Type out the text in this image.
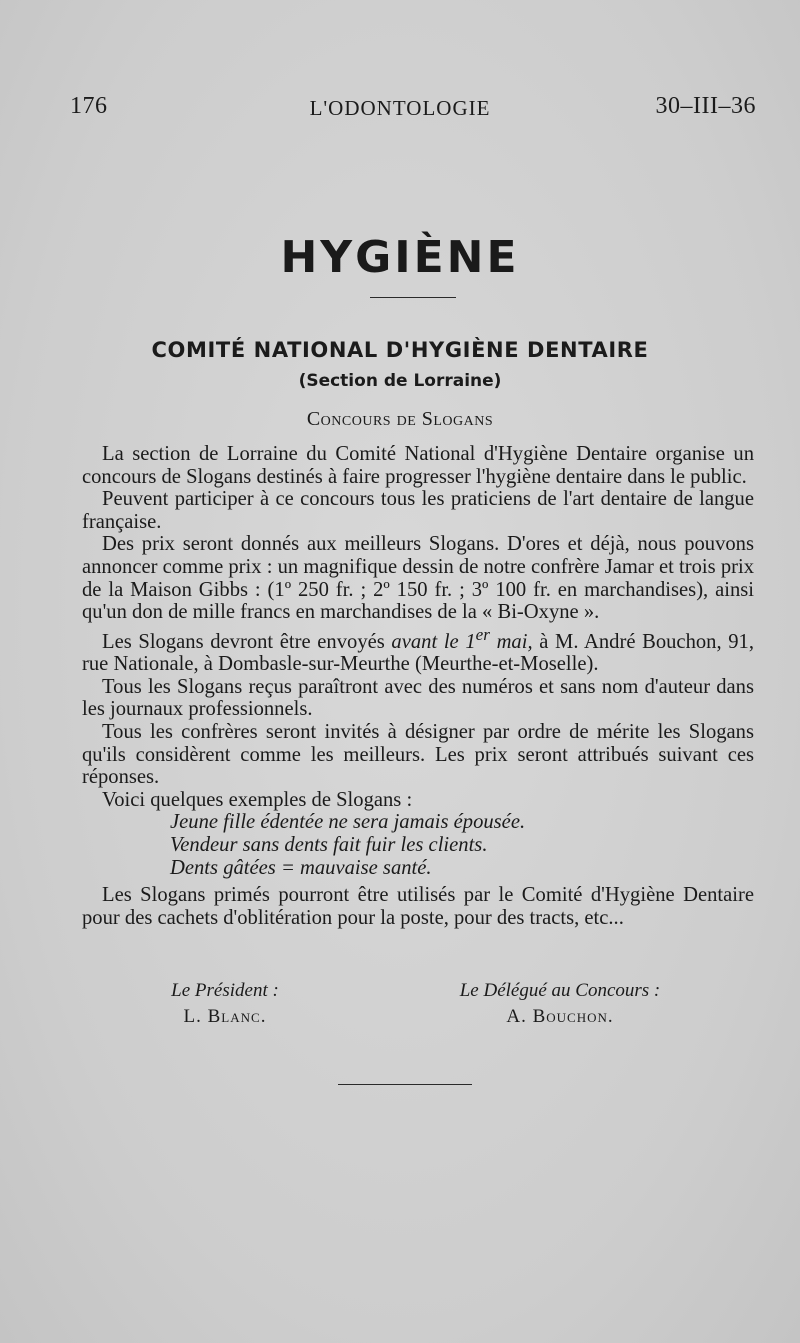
176	L'ODONTOLOGIE	30–III–36
HYGIÈNE
COMITÉ NATIONAL D'HYGIÈNE DENTAIRE
(Section de Lorraine)
Concours de Slogans

La section de Lorraine du Comité National d'Hygiène Dentaire organise un concours de Slogans destinés à faire progresser l'hygiène dentaire dans le public.

Peuvent participer à ce concours tous les praticiens de l'art dentaire de langue française.

Des prix seront donnés aux meilleurs Slogans. D'ores et déjà, nous pouvons annoncer comme prix : un magnifique dessin de notre confrère Jamar et trois prix de la Maison Gibbs : (1º 250 fr. ; 2º 150 fr. ; 3º 100 fr. en marchandises), ainsi qu'un don de mille francs en marchandises de la « Bi-Oxyne ».

Les Slogans devront être envoyés avant le 1er mai, à M. André Bouchon, 91, rue Nationale, à Dombasle-sur-Meurthe (Meurthe-et-Moselle).

Tous les Slogans reçus paraîtront avec des numéros et sans nom d'auteur dans les journaux professionnels.

Tous les confrères seront invités à désigner par ordre de mérite les Slogans qu'ils considèrent comme les meilleurs. Les prix seront attribués suivant ces réponses.

Voici quelques exemples de Slogans :

Jeune fille édentée ne sera jamais épousée.
Vendeur sans dents fait fuir les clients.
Dents gâtées = mauvaise santé.

Les Slogans primés pourront être utilisés par le Comité d'Hygiène Dentaire pour des cachets d'oblitération pour la poste, pour des tracts, etc...

Le Président :
L. Blanc.
Le Délégué au Concours :
A. Bouchon.
